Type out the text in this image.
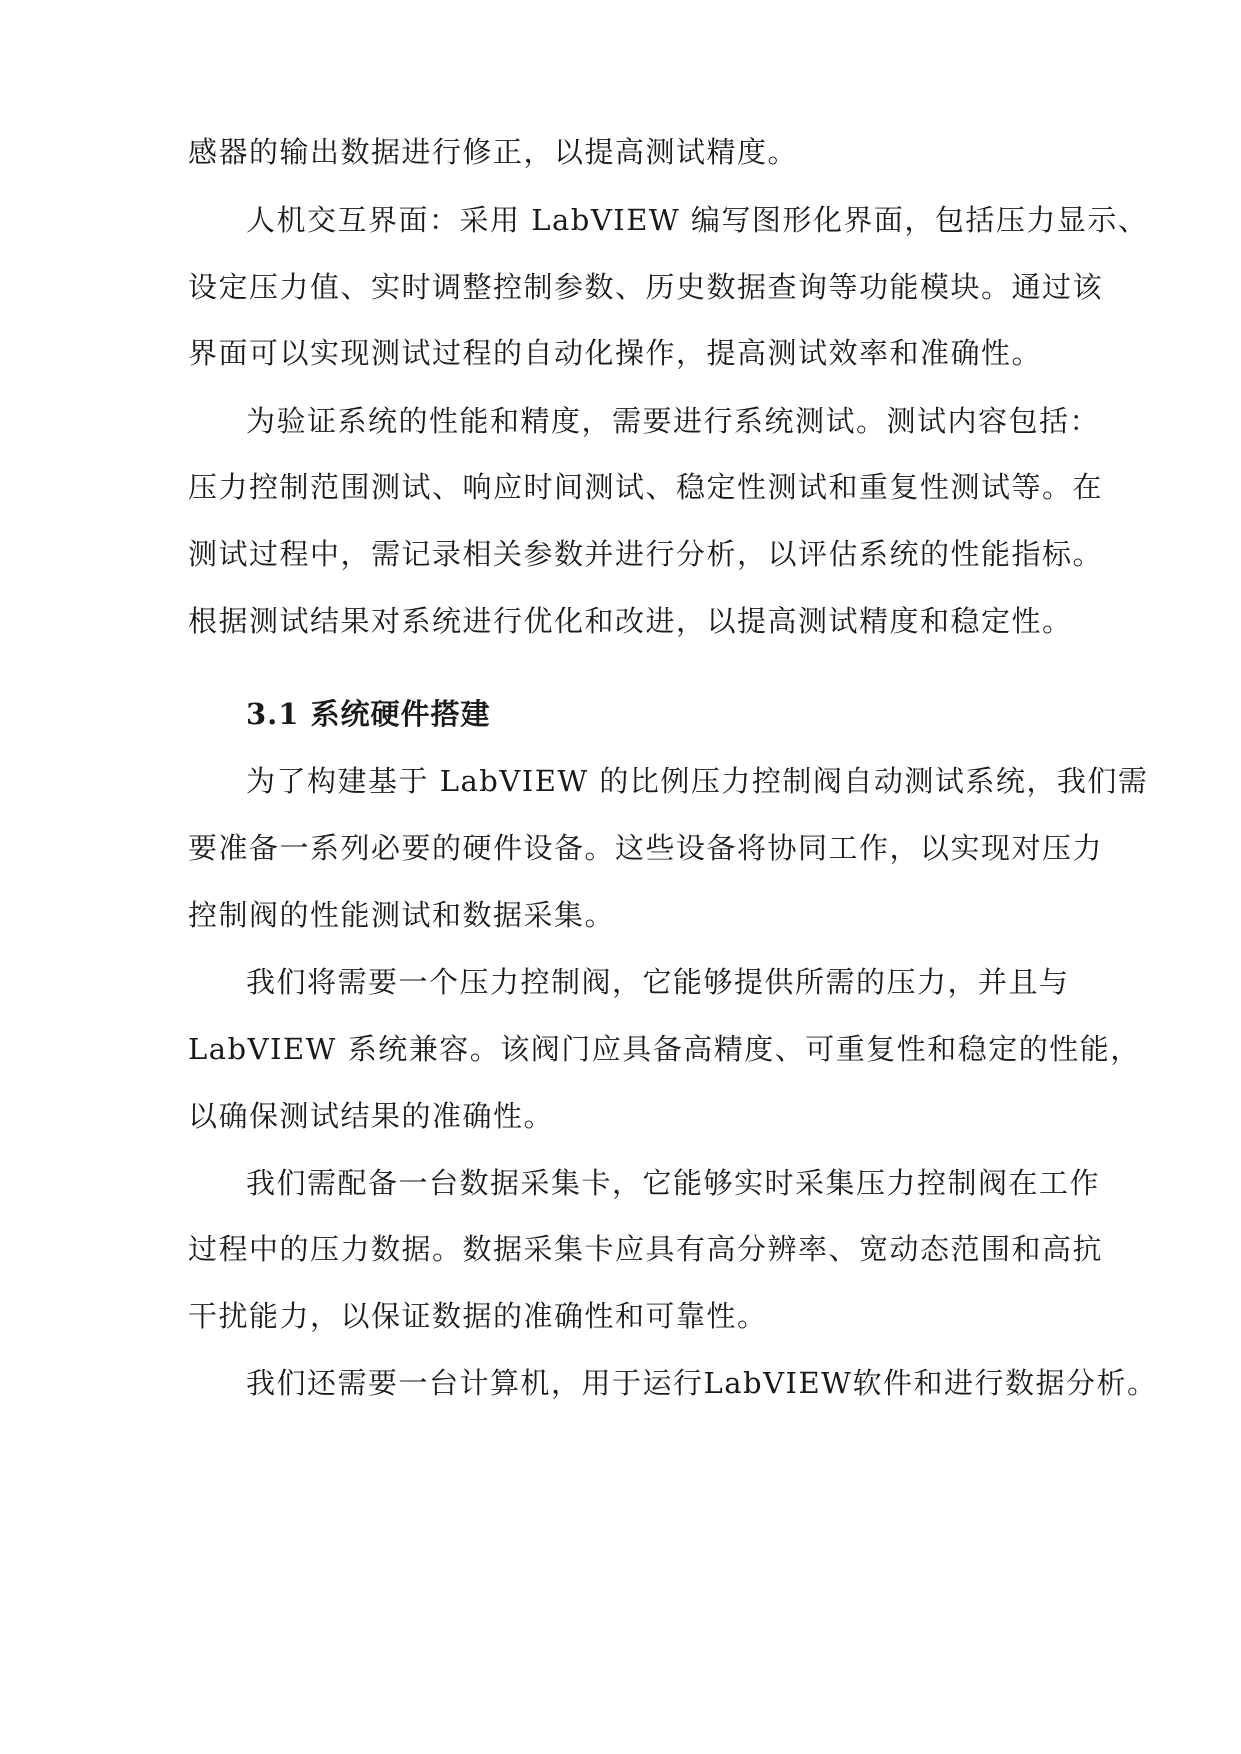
感器的输出数据进行修正，以提高测试精度。
人机交互界面：采用 LabVIEW 编写图形化界面，包括压力显示、
设定压力值、实时调整控制参数、历史数据查询等功能模块。通过该
界面可以实现测试过程的自动化操作，提高测试效率和准确性。
为验证系统的性能和精度，需要进行系统测试。测试内容包括：
压力控制范围测试、响应时间测试、稳定性测试和重复性测试等。在
测试过程中，需记录相关参数并进行分析，以评估系统的性能指标。
根据测试结果对系统进行优化和改进，以提高测试精度和稳定性。
3.1 系统硬件搭建
为了构建基于 LabVIEW 的比例压力控制阀自动测试系统，我们需
要准备一系列必要的硬件设备。这些设备将协同工作，以实现对压力
控制阀的性能测试和数据采集。
我们将需要一个压力控制阀，它能够提供所需的压力，并且与
LabVIEW 系统兼容。该阀门应具备高精度、可重复性和稳定的性能，
以确保测试结果的准确性。
我们需配备一台数据采集卡，它能够实时采集压力控制阀在工作
过程中的压力数据。数据采集卡应具有高分辨率、宽动态范围和高抗
干扰能力，以保证数据的准确性和可靠性。
我们还需要一台计算机，用于运行LabVIEW软件和进行数据分析。
